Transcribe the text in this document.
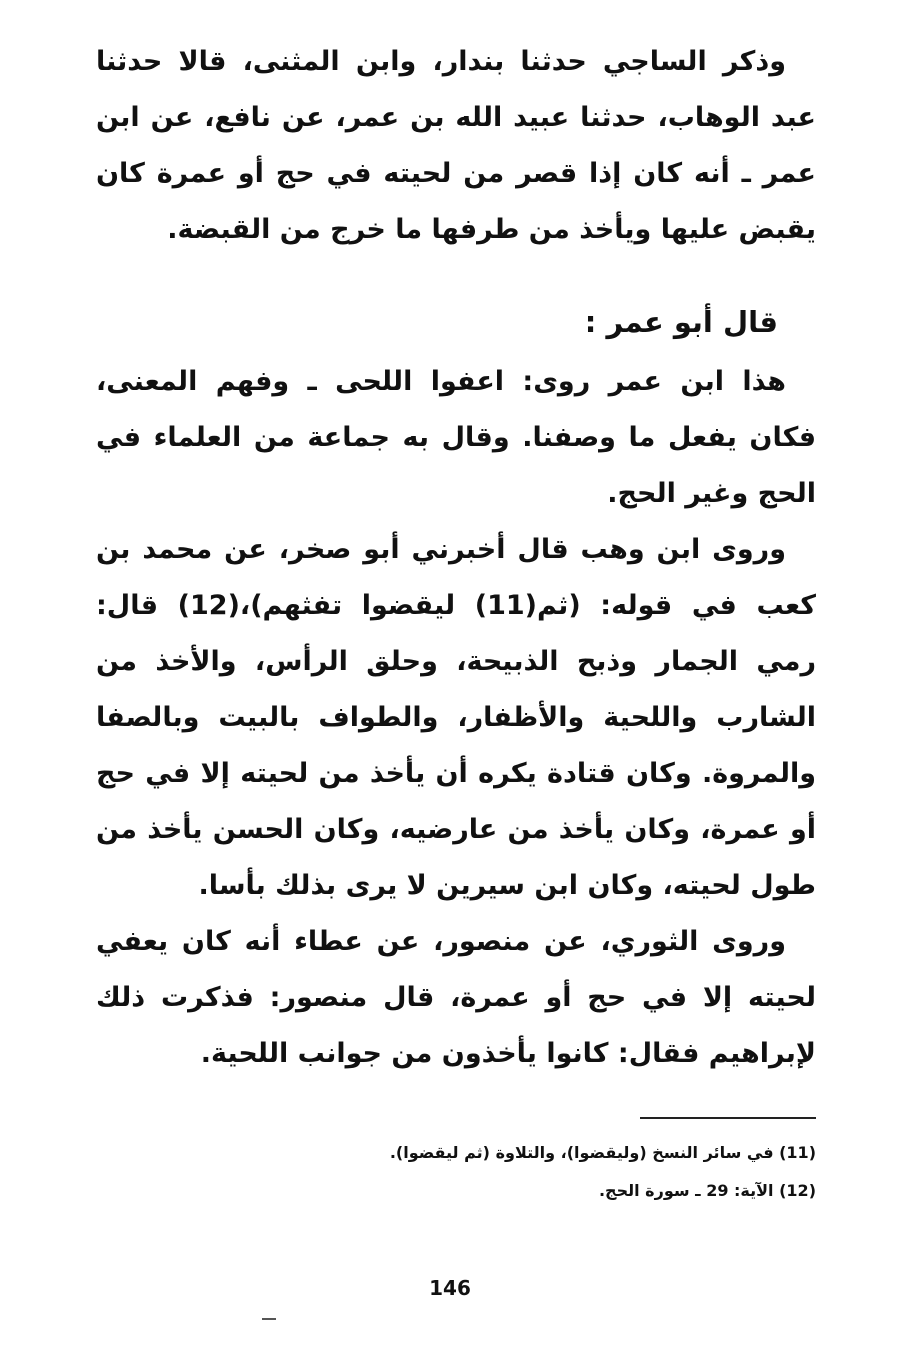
وذكر الساجي حدثنا بندار، وابن المثنى، قالا حدثنا عبد الوهاب، حدثنا عبيد الله بن عمر، عن نافع، عن ابن عمر ـ أنه كان إذا قصر من لحيته في حج أو عمرة كان يقبض عليها ويأخذ من طرفها ما خرج من القبضة.

قال أبو عمر :

هذا ابن عمر روى: اعفوا اللحى ـ وفهم المعنى، فكان يفعل ما وصفنا. وقال به جماعة من العلماء في الحج وغير الحج.

وروى ابن وهب قال أخبرني أبو صخر، عن محمد بن كعب في قوله: (ثم(11) ليقضوا تفثهم)،(12) قال: رمي الجمار وذبح الذبيحة، وحلق الرأس، والأخذ من الشارب واللحية والأظفار، والطواف بالبيت وبالصفا والمروة. وكان قتادة يكره أن يأخذ من لحيته إلا في حج أو عمرة، وكان يأخذ من عارضيه، وكان الحسن يأخذ من طول لحيته، وكان ابن سيرين لا يرى بذلك بأسا.

وروى الثوري، عن منصور، عن عطاء أنه كان يعفي لحيته إلا في حج أو عمرة، قال منصور: فذكرت ذلك لإبراهيم فقال: كانوا يأخذون من جوانب اللحية.

(11) في سائر النسخ (وليقضوا)، والتلاوة (ثم ليقضوا).

(12) الآية: 29 ـ سورة الحج.

146
